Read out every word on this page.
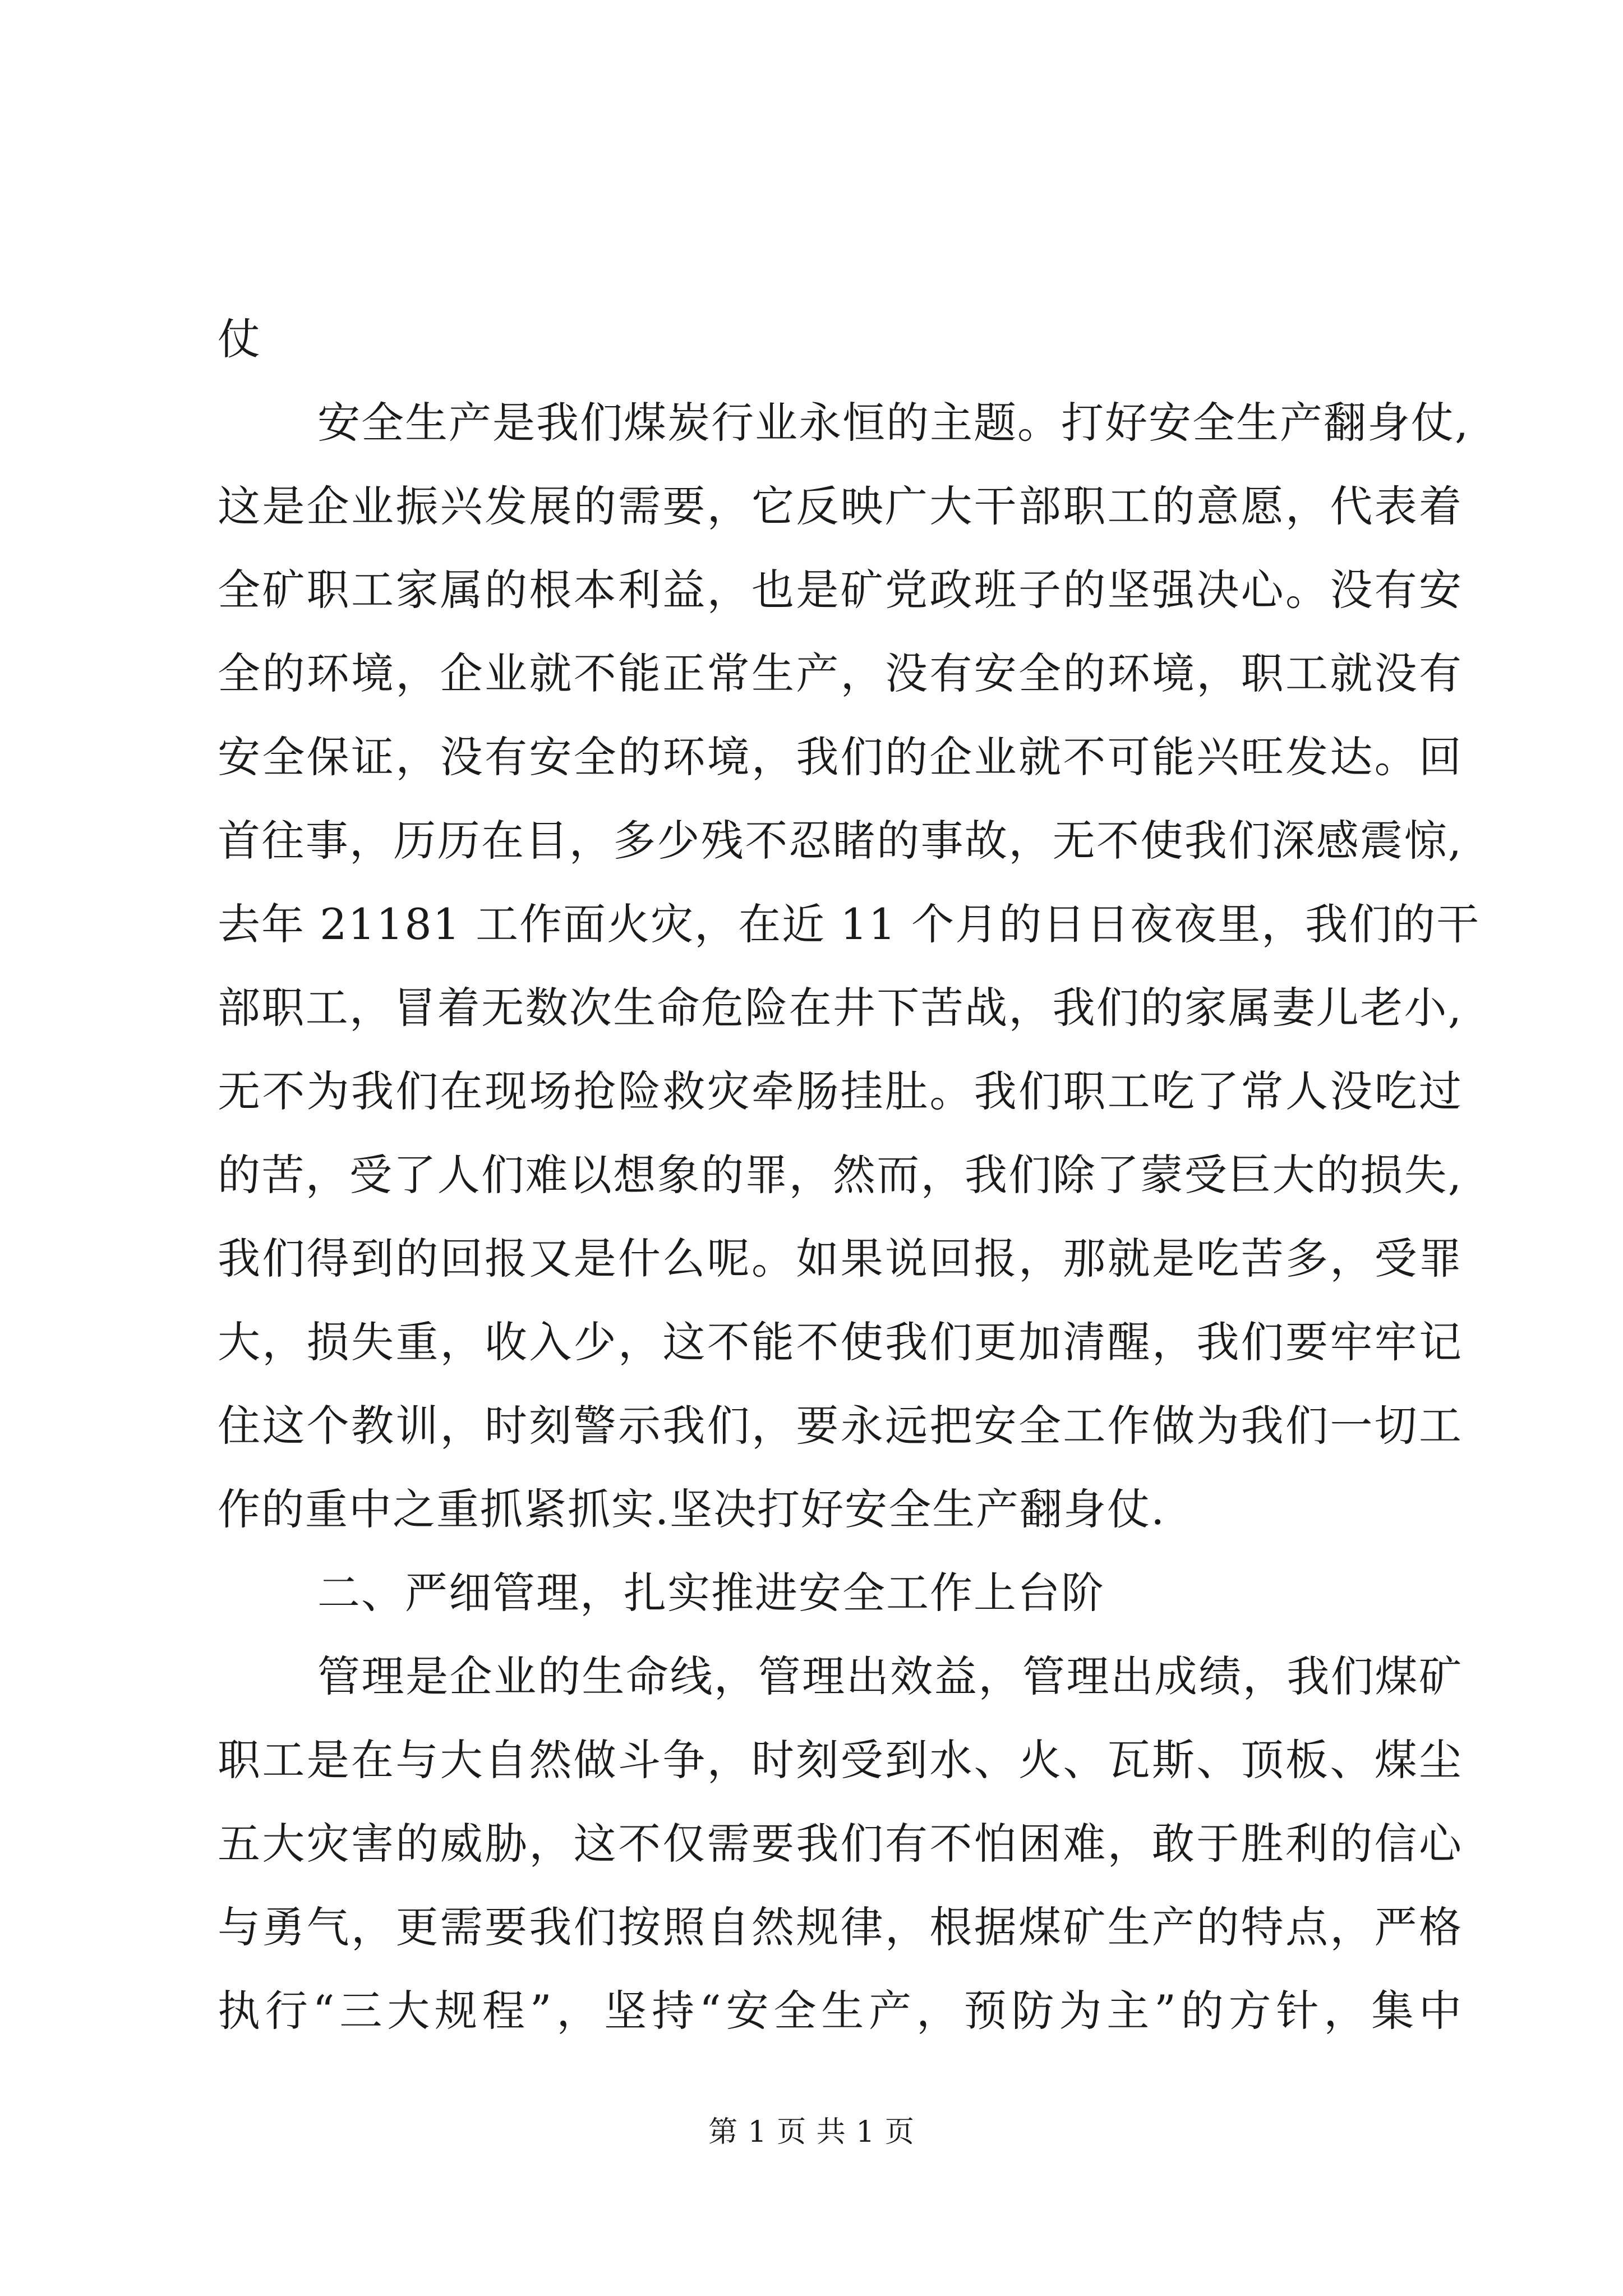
仗
安全生产是我们煤炭行业永恒的主题。打好安全生产翻身仗,
这是企业振兴发展的需要，它反映广大干部职工的意愿，代表着
全矿职工家属的根本利益，也是矿党政班子的坚强决心。没有安
全的环境，企业就不能正常生产，没有安全的环境，职工就没有
安全保证，没有安全的环境，我们的企业就不可能兴旺发达。回
首往事，历历在目，多少残不忍睹的事故，无不使我们深感震惊,
去年 21181 工作面火灾，在近 11 个月的日日夜夜里，我们的干
部职工，冒着无数次生命危险在井下苦战，我们的家属妻儿老小,
无不为我们在现场抢险救灾牵肠挂肚。我们职工吃了常人没吃过
的苦，受了人们难以想象的罪，然而，我们除了蒙受巨大的损失,
我们得到的回报又是什么呢。如果说回报，那就是吃苦多，受罪
大，损失重，收入少，这不能不使我们更加清醒，我们要牢牢记
住这个教训，时刻警示我们，要永远把安全工作做为我们一切工
作的重中之重抓紧抓实.坚决打好安全生产翻身仗.
二、严细管理，扎实推进安全工作上台阶
管理是企业的生命线，管理出效益，管理出成绩，我们煤矿
职工是在与大自然做斗争，时刻受到水、火、瓦斯、顶板、煤尘
五大灾害的威胁，这不仅需要我们有不怕困难，敢于胜利的信心
与勇气，更需要我们按照自然规律，根据煤矿生产的特点，严格
执行“三大规程”，坚持“安全生产，预防为主”的方针，集中
第 1 页 共 1 页
